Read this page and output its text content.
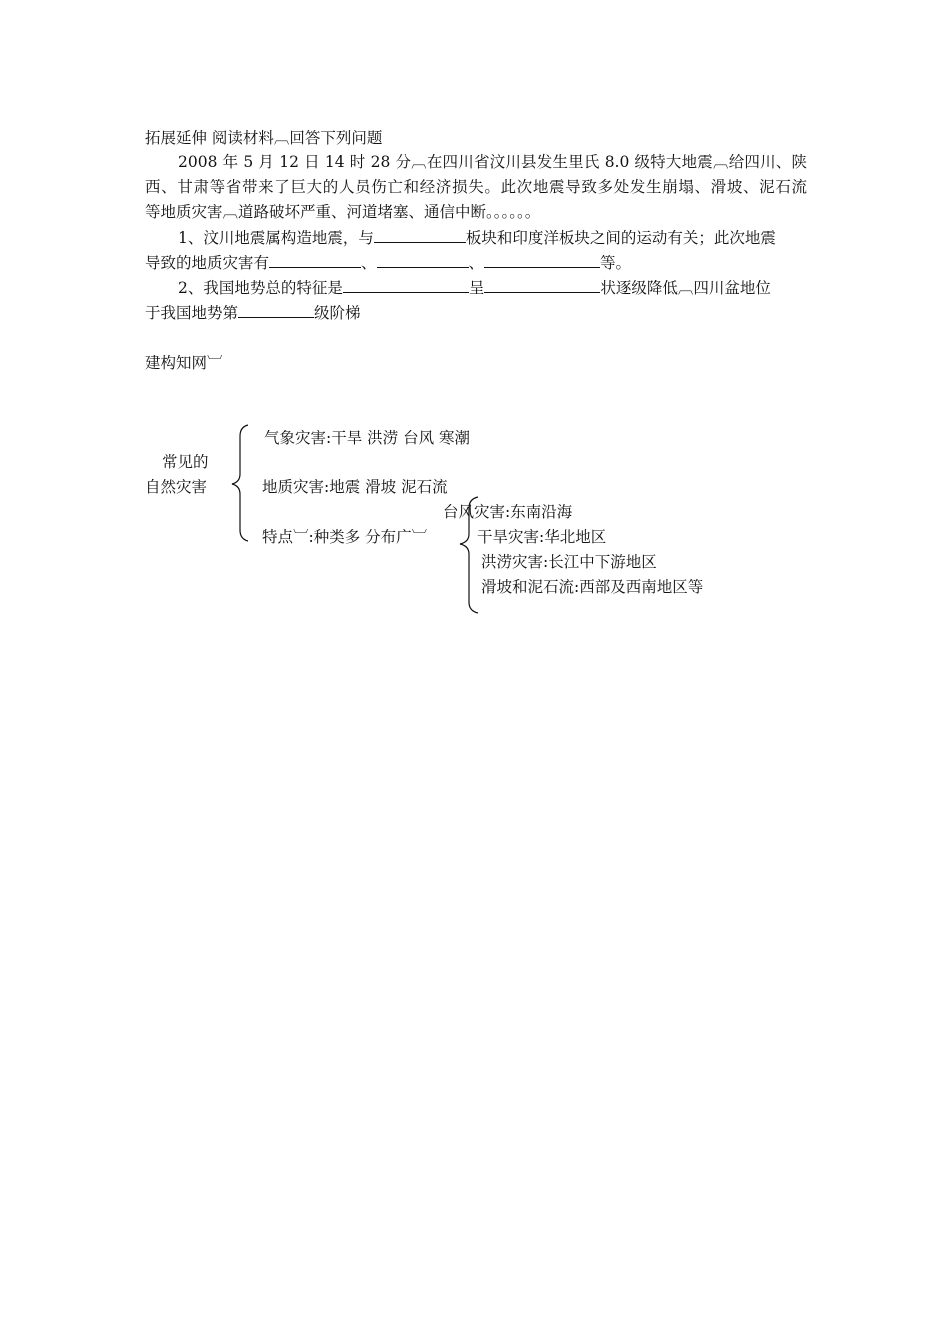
拓展延伸 阅读材料︹回答下列问题
2008 年 5 月 12 日 14 时 28 分︹在四川省汶川县发生里氏 8.0 级特大地震︹给四川、陕
西、甘肃等省带来了巨大的人员伤亡和经济损失。此次地震导致多处发生崩塌、滑坡、泥石流
等地质灾害︹道路破坏严重、河道堵塞、通信中断。。。。。。
1、汶川地震属构造地震，与	板块和印度洋板块之间的运动有关；此次地震
导致的地质灾害有	、	、	等。
2、我国地势总的特征是	呈	状逐级降低︹四川盆地位
于我国地势第	级阶梯
建构知网︺
常见的
自然灾害
气象灾害:干旱 洪涝 台风 寒潮
地质灾害:地震 滑坡 泥石流
特点︺:种类多 分布广︺
台风灾害:东南沿海
干旱灾害:华北地区
洪涝灾害:长江中下游地区
滑坡和泥石流:西部及西南地区等
